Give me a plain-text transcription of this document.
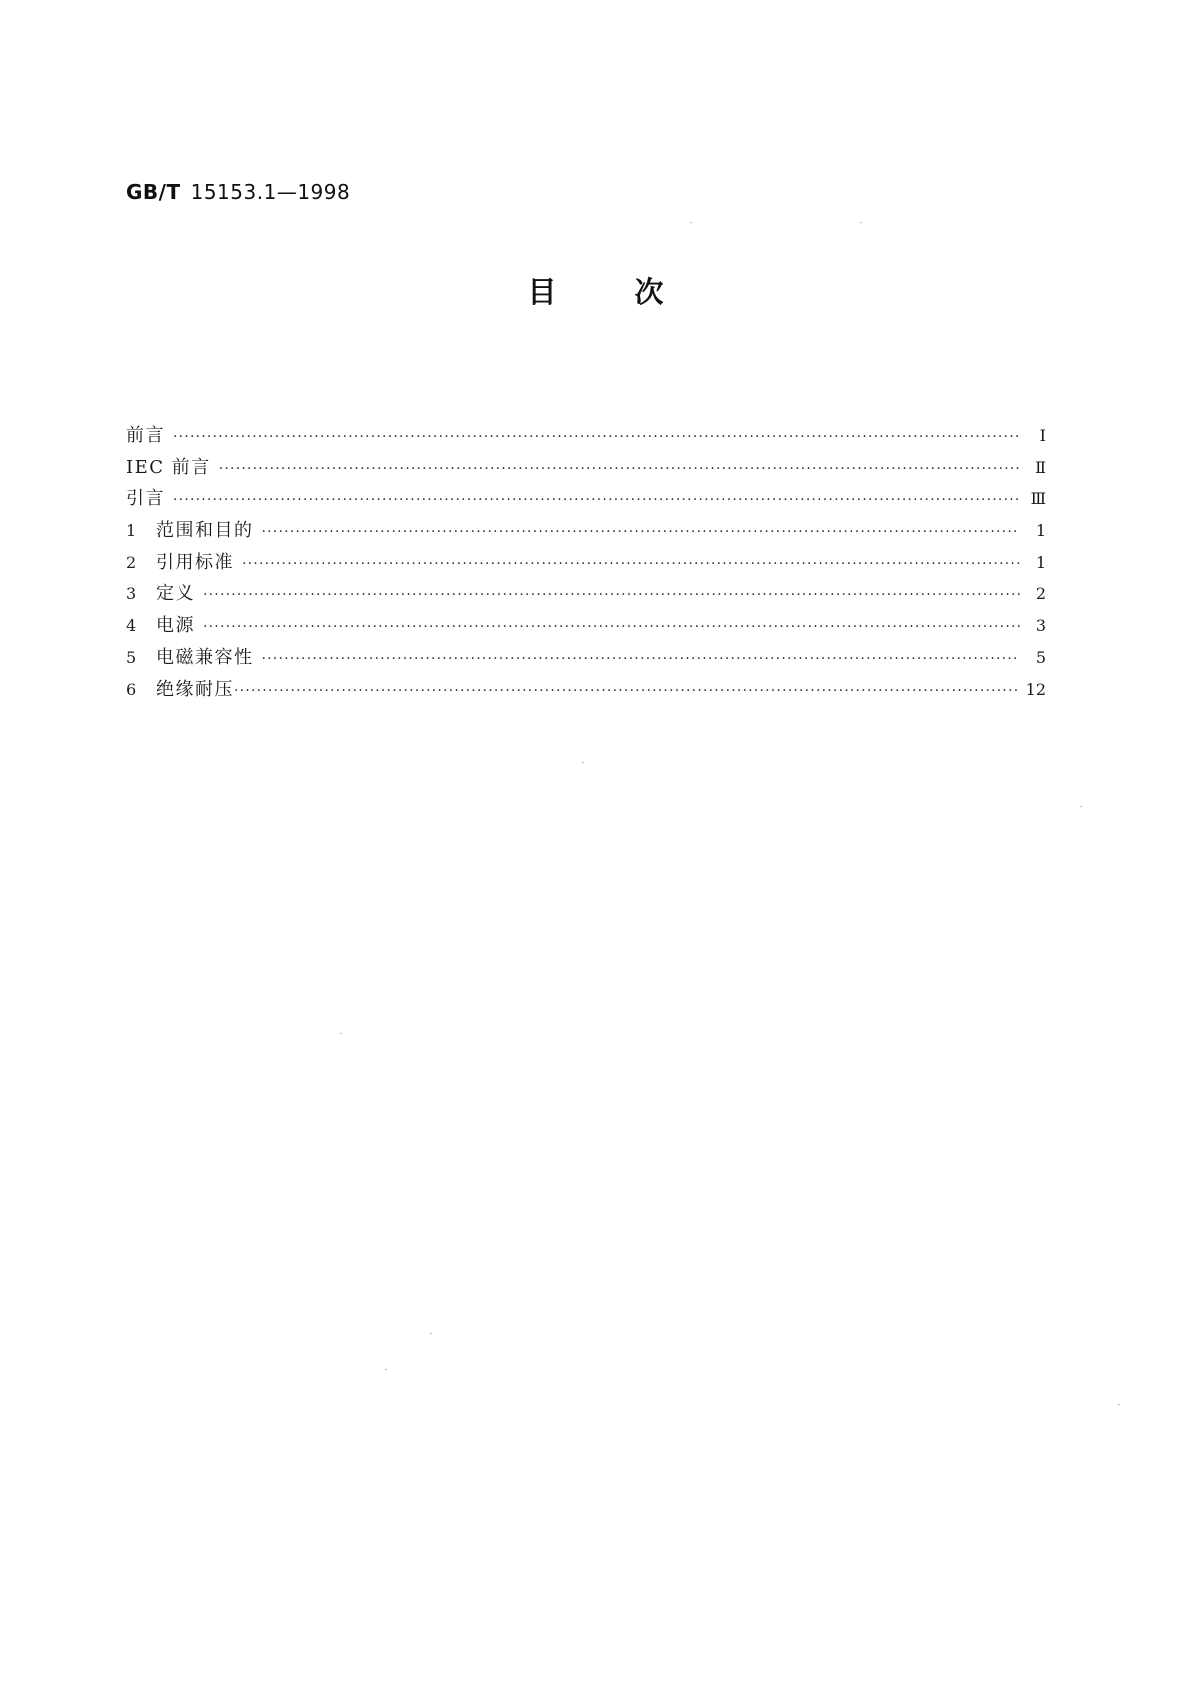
GB/T 15153.1—1998
目次
前言 ·····	I
IEC 前言 ·····	Ⅱ
引言 ·····	Ⅲ
1	范围和目的 ·····	1
2	引用标准 ·····	1
3	定义 ·····	2
4	电源 ·····	3
5	电磁兼容性 ·····	5
6	绝缘耐压 ·····	12
